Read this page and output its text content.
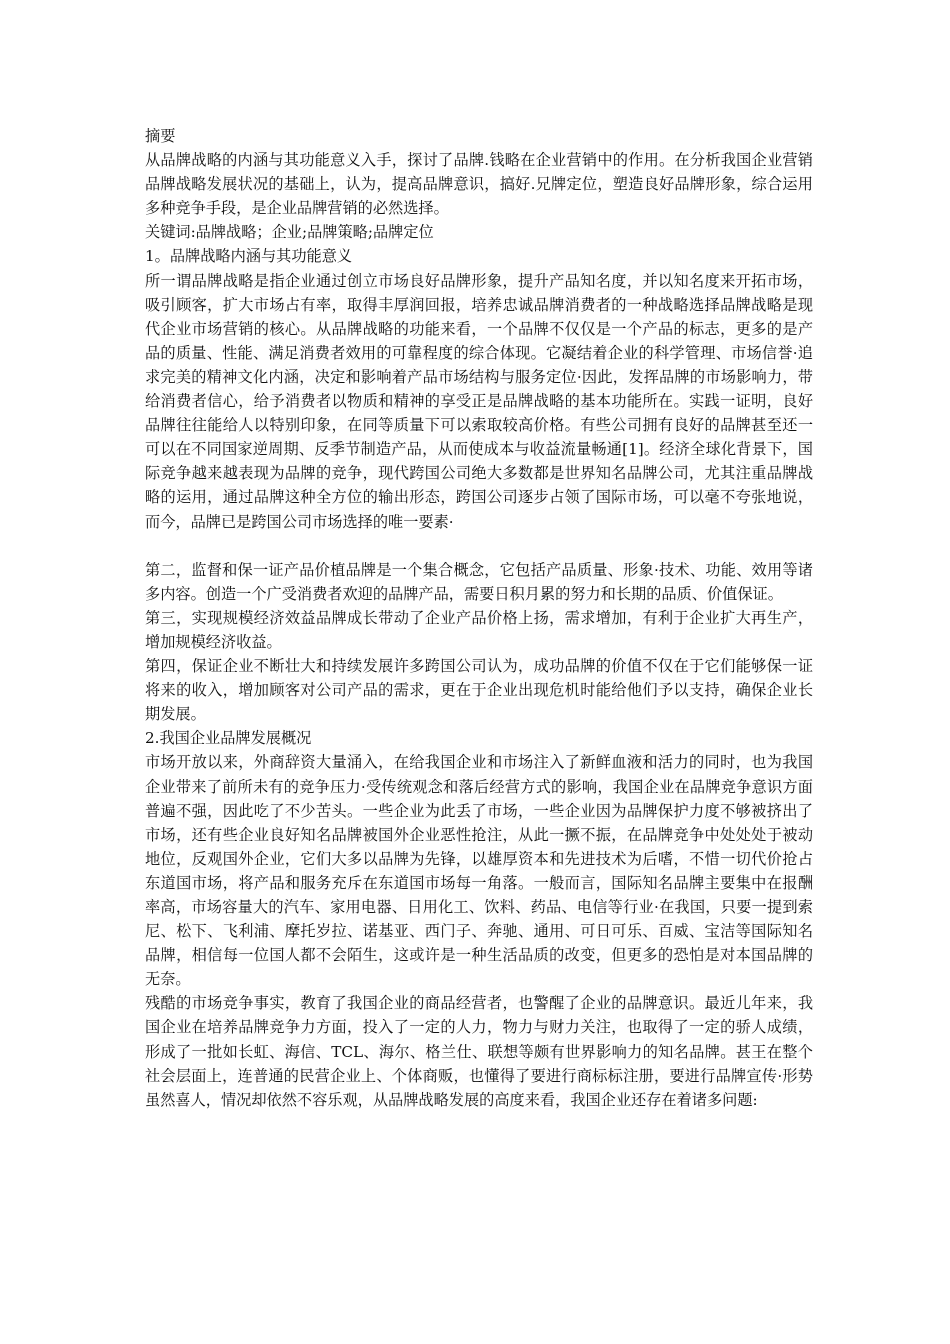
摘要

从品牌战略的内涵与其功能意义入手，探讨了品牌.钱略在企业营销中的作用。在分析我国企业营销品牌战略发展状况的基础上，认为，提高品牌意识，搞好.兄牌定位，塑造良好品牌形象，综合运用多种竞争手段，是企业品牌营销的必然选择。

关键词:品牌战略；企业;品牌策略;品牌定位

1。品牌战略内涵与其功能意义

所一谓品牌战略是指企业通过创立市场良好品牌形象，提升产品知名度，并以知名度来开拓市场，吸引顾客，扩大市场占有率，取得丰厚润回报，培养忠诚品牌消费者的一种战略选择品牌战略是现代企业市场营销的核心。从品牌战略的功能来看，一个品牌不仅仅是一个产品的标志，更多的是产品的质量、性能、满足消费者效用的可靠程度的综合体现。它凝结着企业的科学管理、市场信誉·追求完美的精神文化内涵，决定和影响着产品市场结构与服务定位·因此，发挥品牌的市场影响力，带给消费者信心，给予消费者以物质和精神的享受正是品牌战略的基本功能所在。实践一证明，良好品牌往往能给人以特别印象，在同等质量下可以索取较高价格。有些公司拥有良好的品牌甚至还一可以在不同国家逆周期、反季节制造产品，从而使成本与收益流量畅通[1]。经济全球化背景下，国际竞争越来越表现为品牌的竞争，现代跨国公司绝大多数都是世界知名品牌公司，尤其注重品牌战略的运用，通过品牌这种全方位的输出形态，跨国公司逐步占领了国际市场，可以毫不夸张地说，而今，品牌已是跨国公司市场选择的唯一要素·

第二，监督和保一证产品价植品牌是一个集合概念，它包括产品质量、形象·技术、功能、效用等诸多内容。创造一个广受消费者欢迎的品牌产品，需要日积月累的努力和长期的品质、价值保证。

第三，实现规模经济效益品牌成长带动了企业产品价格上扬，需求增加，有利于企业扩大再生产，增加规模经济收益。

第四，保证企业不断壮大和持续发展许多跨国公司认为，成功品牌的价值不仅在于它们能够保一证将来的收入，增加顾客对公司产品的需求，更在于企业出现危机时能给他们予以支持，确保企业长期发展。

2.我国企业品牌发展概况

市场开放以来，外商辞资大量涌入，在给我国企业和市场注入了新鲜血液和活力的同时，也为我国企业带来了前所未有的竞争压力·受传统观念和落后经营方式的影响，我国企业在品牌竞争意识方面普遍不强，因此吃了不少苦头。一些企业为此丢了市场，一些企业因为品牌保护力度不够被挤出了市场，还有些企业良好知名品牌被国外企业恶性抢注，从此一撅不振，在品牌竞争中处处处于被动地位，反观国外企业，它们大多以品牌为先锋，以雄厚资本和先进技术为后嗜，不惜一切代价抢占东道国市场，将产品和服务充斥在东道国市场每一角落。一般而言，国际知名品牌主要集中在报酬率高，市场容量大的汽车、家用电器、日用化工、饮料、药品、电信等行业·在我国，只要一提到索尼、松下、飞利浦、摩托岁拉、诺基亚、西门子、奔驰、通用、可日可乐、百威、宝洁等国际知名品牌，相信每一位国人都不会陌生，这或许是一种生活品质的改变，但更多的恐怕是对本国品牌的无奈。

残酷的市场竞争事实，教育了我国企业的商品经营者，也警醒了企业的品牌意识。最近儿年来，我国企业在培养品牌竞争力方面，投入了一定的人力，物力与财力关注，也取得了一定的骄人成绩，形成了一批如长虹、海信、TCL、海尔、格兰仕、联想等颇有世界影响力的知名品牌。甚王在整个社会层面上，连普通的民营企业上、个体商贩，也懂得了要进行商标标注册，要进行品牌宣传·形势虽然喜人，情况却依然不容乐观，从品牌战略发展的高度来看，我国企业还存在着诸多问题:
